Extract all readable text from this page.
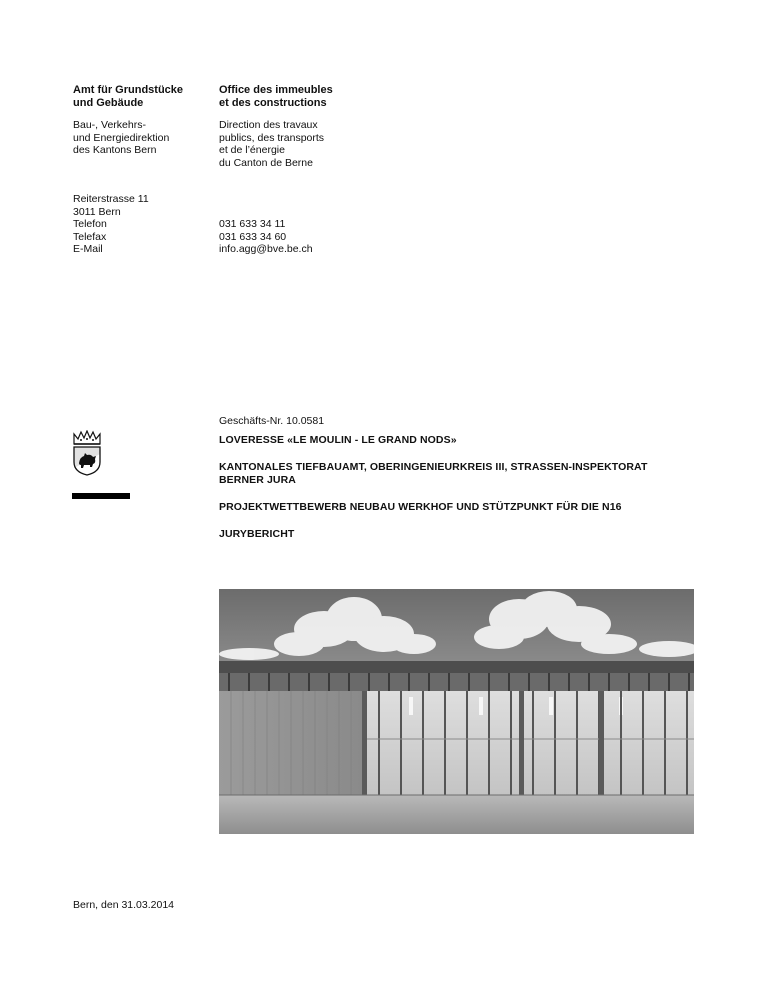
Amt für Grundstücke
und Gebäude
Office des immeubles
et des constructions
Bau-, Verkehrs-
und Energiedirektion
des Kantons Bern
Direction des travaux
publics, des transports
et de l’énergie
du Canton de Berne
Reiterstrasse 11
3011 Bern
Telefon
Telefax
E-Mail
031 633 34 11
031 633 34 60
info.agg@bve.be.ch
Geschäfts-Nr. 10.0581
LOVERESSE «LE MOULIN - LE GRAND NODS»
KANTONALES TIEFBAUAMT, OBERINGENIEURKREIS III, STRASSEN-INSPEKTORAT
BERNER JURA
PROJEKTWETTBEWERB NEUBAU WERKHOF UND STÜTZPUNKT FÜR DIE N16
JURYBERICHT
Bern, den 31.03.2014
